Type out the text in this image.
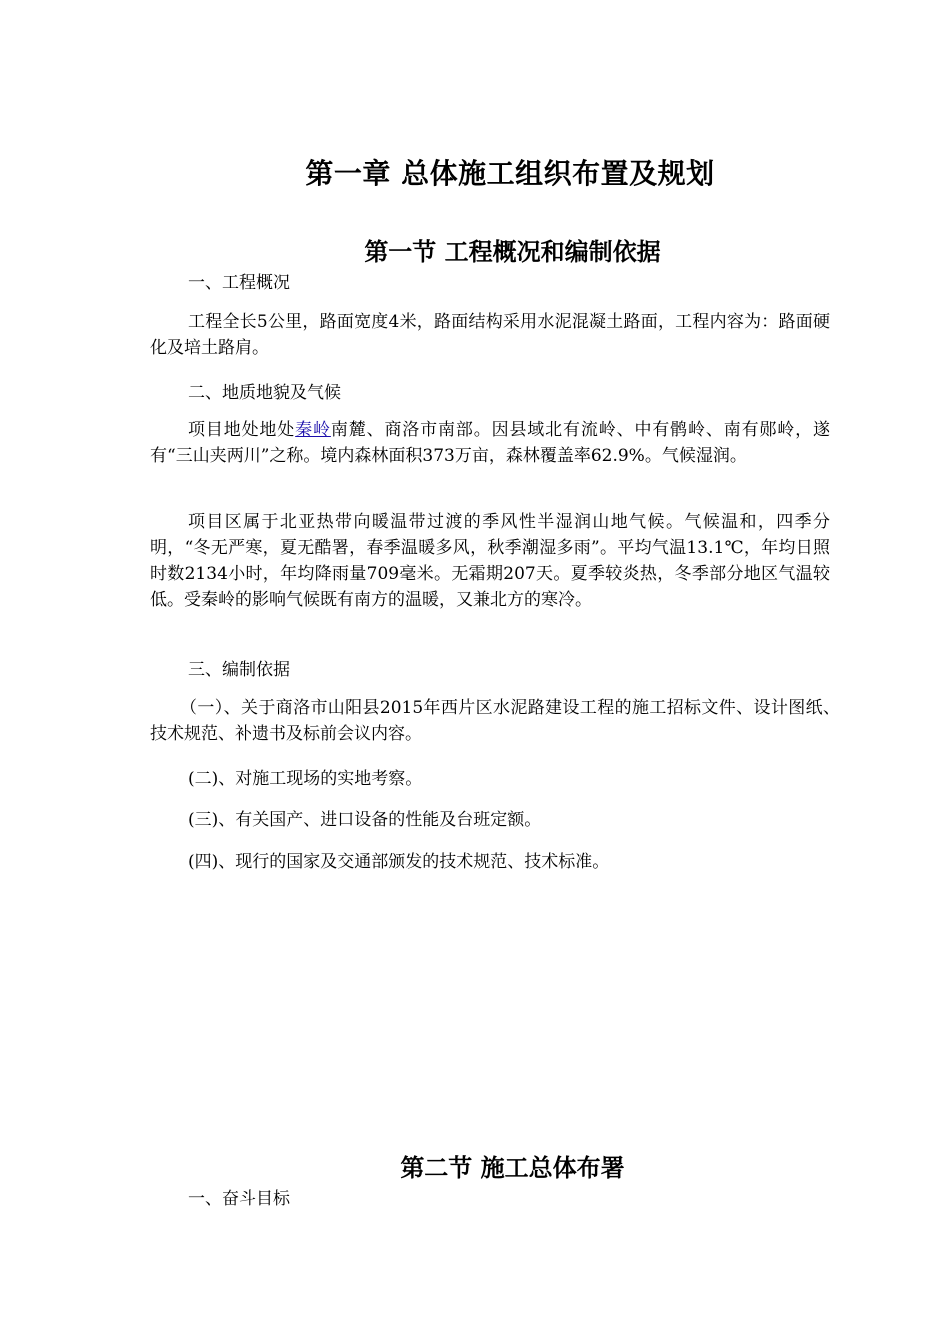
第一章 总体施工组织布置及规划
第一节 工程概况和编制依据
一、工程概况

工程全长5公里，路面宽度4米，路面结构采用水泥混凝土路面，工程内容为：路面硬化及培土路肩。

二、地质地貌及气候

项目地处地处秦岭南麓、商洛市南部。因县域北有流岭、中有鹘岭、南有郧岭，遂有“三山夹两川”之称。境内森林面积373万亩，森林覆盖率62.9%。气候湿润。

项目区属于北亚热带向暖温带过渡的季风性半湿润山地气候。气候温和，四季分明，“冬无严寒，夏无酷署，春季温暖多风，秋季潮湿多雨”。平均气温13.1℃，年均日照时数2134小时，年均降雨量709毫米。无霜期207天。夏季较炎热，冬季部分地区气温较低。受秦岭的影响气候既有南方的温暖，又兼北方的寒冷。

三、编制依据

（一）、关于商洛市山阳县2015年西片区水泥路建设工程的施工招标文件、设计图纸、技术规范、补遗书及标前会议内容。

(二)、对施工现场的实地考察。
(三)、有关国产、进口设备的性能及台班定额。
(四)、现行的国家及交通部颁发的技术规范、技术标准。
第二节 施工总体布署
一、奋斗目标
